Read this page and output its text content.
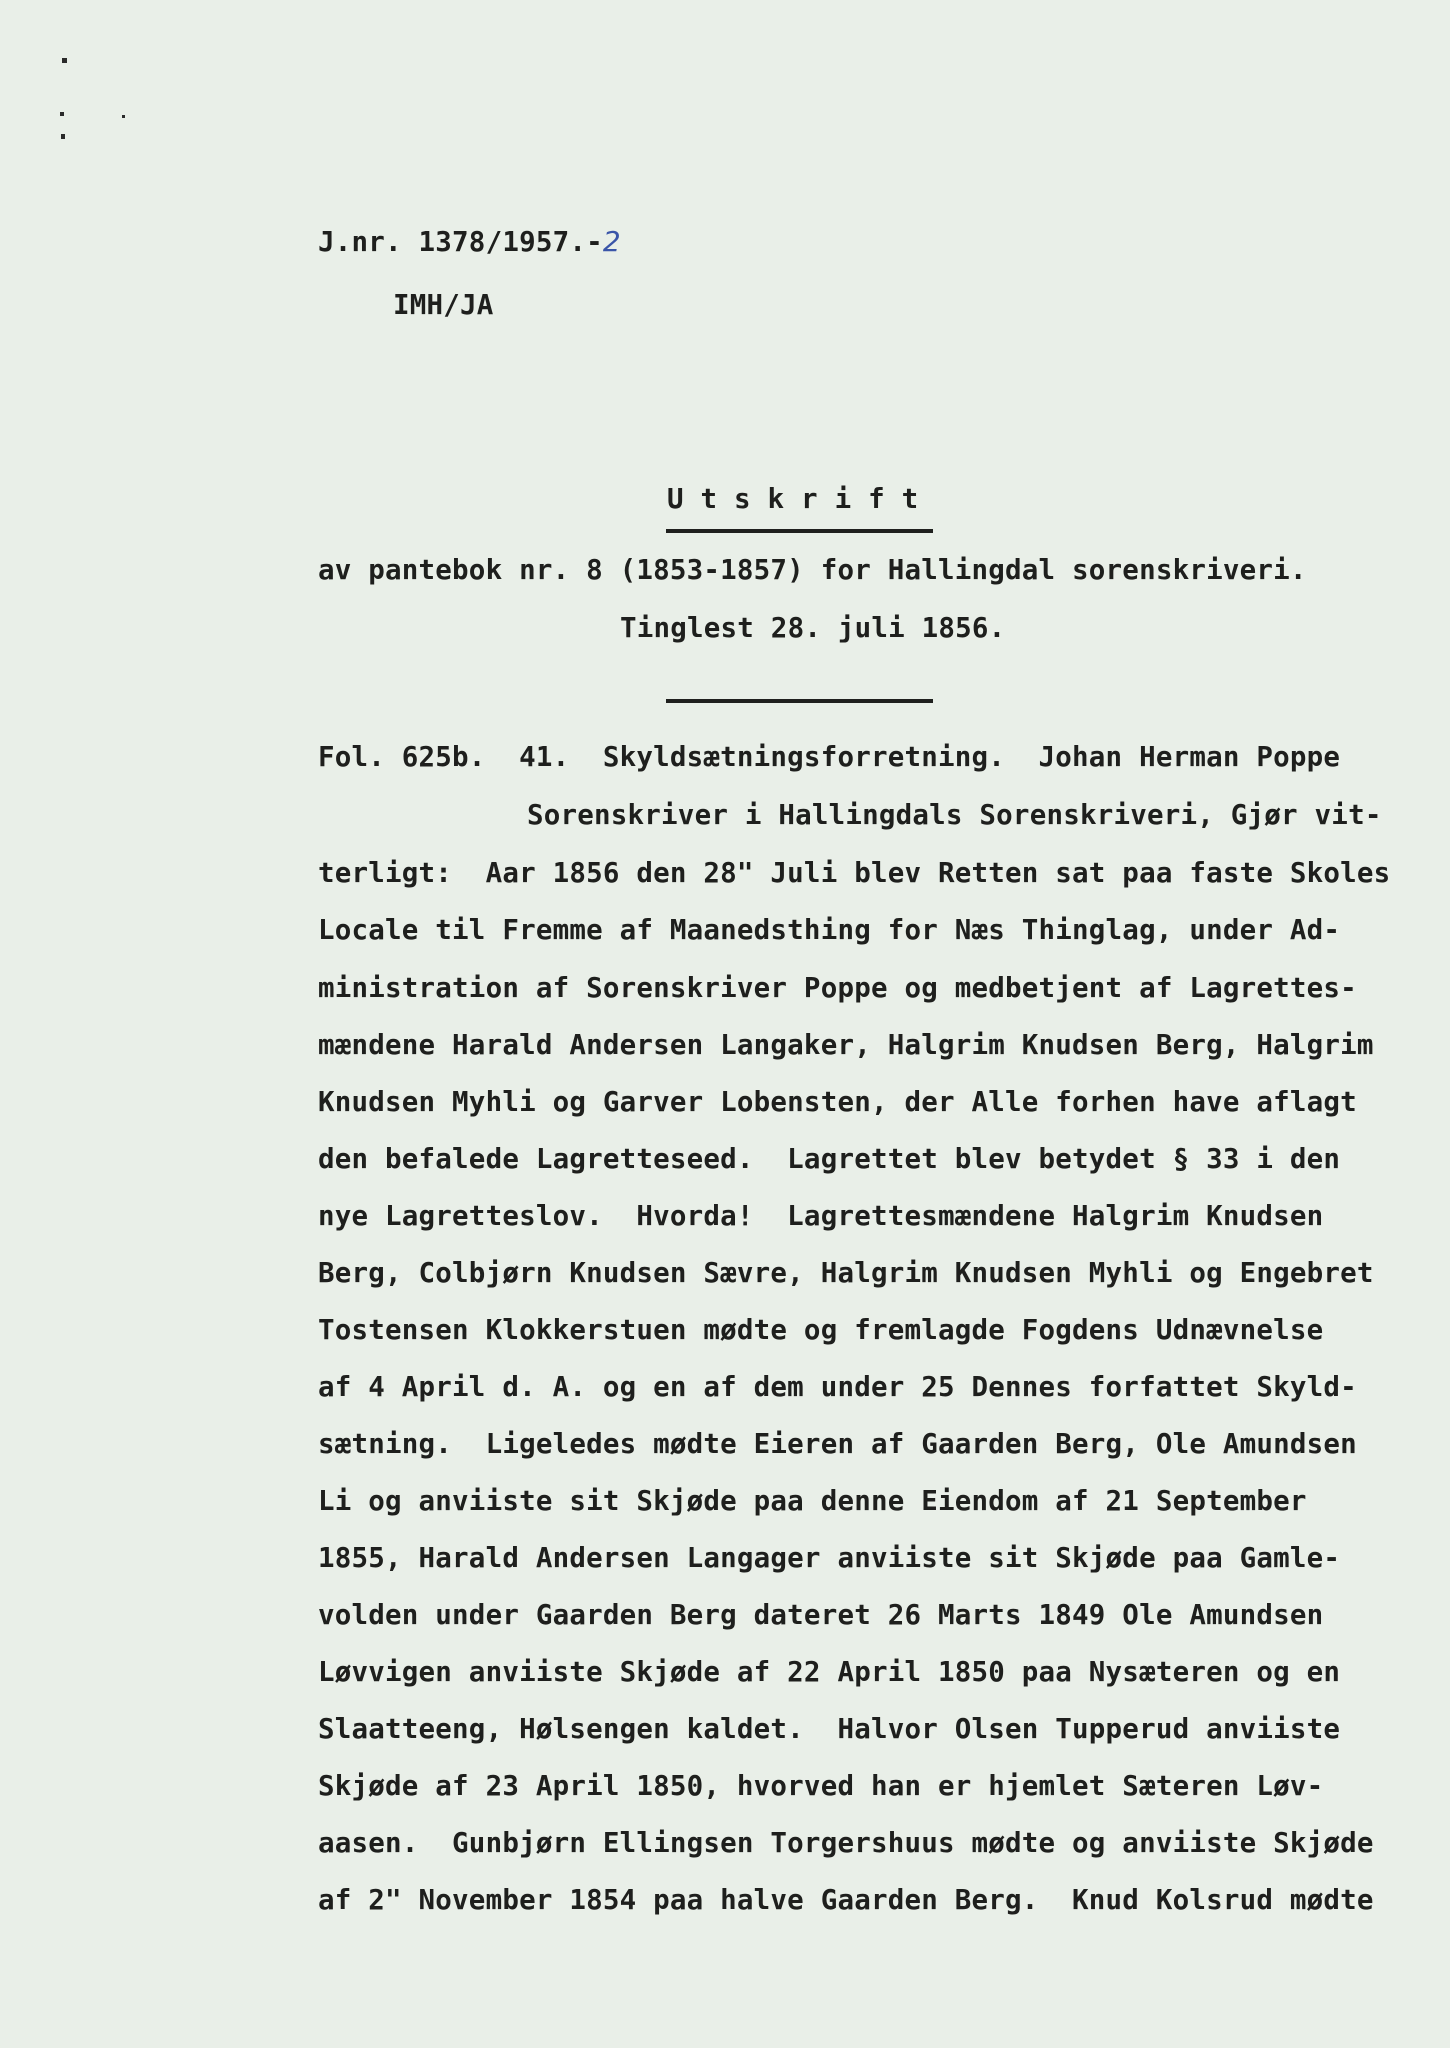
J.nr. 1378/1957.-2
IMH/JA
U t s k r i f t
av pantebok nr. 8 (1853-1857) for Hallingdal sorenskriveri.
Tinglest 28. juli 1856.
Fol. 625b.  41.  Skyldsætningsforretning.  Johan Herman Poppe
Sorenskriver i Hallingdals Sorenskriveri, Gjør vit-
terligt:  Aar 1856 den 28" Juli blev Retten sat paa faste Skoles
Locale til Fremme af Maanedsthing for Næs Thinglag, under Ad-
ministration af Sorenskriver Poppe og medbetjent af Lagrettes-
mændene Harald Andersen Langaker, Halgrim Knudsen Berg, Halgrim
Knudsen Myhli og Garver Lobensten, der Alle forhen have aflagt
den befalede Lagretteseed.  Lagrettet blev betydet § 33 i den
nye Lagretteslov.  Hvorda!  Lagrettesmændene Halgrim Knudsen
Berg, Colbjørn Knudsen Sævre, Halgrim Knudsen Myhli og Engebret
Tostensen Klokkerstuen mødte og fremlagde Fogdens Udnævnelse
af 4 April d. A. og en af dem under 25 Dennes forfattet Skyld-
sætning.  Ligeledes mødte Eieren af Gaarden Berg, Ole Amundsen
Li og anviiste sit Skjøde paa denne Eiendom af 21 September
1855, Harald Andersen Langager anviiste sit Skjøde paa Gamle-
volden under Gaarden Berg dateret 26 Marts 1849 Ole Amundsen
Løvvigen anviiste Skjøde af 22 April 1850 paa Nysæteren og en
Slaatteeng, Hølsengen kaldet.  Halvor Olsen Tupperud anviiste
Skjøde af 23 April 1850, hvorved han er hjemlet Sæteren Løv-
aasen.  Gunbjørn Ellingsen Torgershuus mødte og anviiste Skjøde
af 2" November 1854 paa halve Gaarden Berg.  Knud Kolsrud mødte
